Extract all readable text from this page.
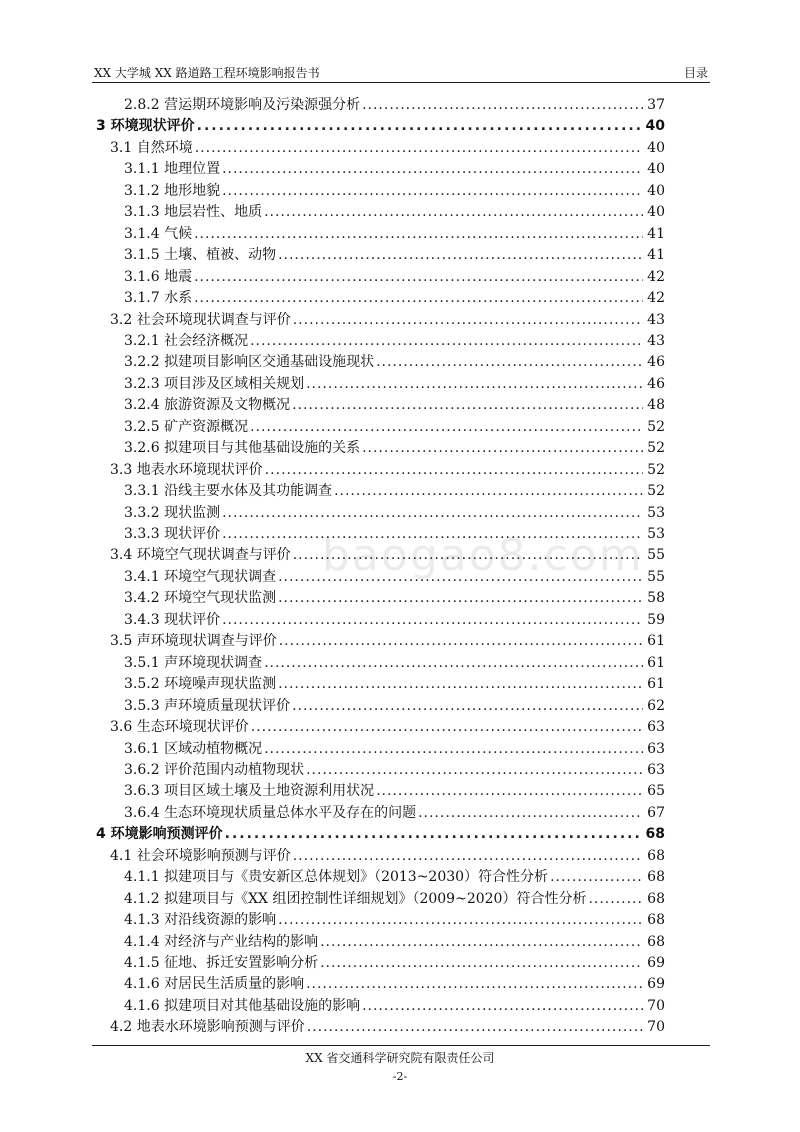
XX 大学城 XX 路道路工程环境影响报告书	目录
baogao8.com
2.8.2 营运期环境影响及污染源强分析 .....	37
3 环境现状评价 .....	40
3.1 自然环境 .....	40
3.1.1 地理位置 .....	40
3.1.2 地形地貌 .....	40
3.1.3 地层岩性、地质 .....	40
3.1.4 气候 .....	41
3.1.5 土壤、植被、动物 .....	41
3.1.6 地震 .....	42
3.1.7 水系 .....	42
3.2 社会环境现状调查与评价 .....	43
3.2.1 社会经济概况 .....	43
3.2.2 拟建项目影响区交通基础设施现状 .....	46
3.2.3 项目涉及区域相关规划 .....	46
3.2.4 旅游资源及文物概况 .....	48
3.2.5 矿产资源概况 .....	52
3.2.6 拟建项目与其他基础设施的关系 .....	52
3.3 地表水环境现状评价 .....	52
3.3.1 沿线主要水体及其功能调查 .....	52
3.3.2 现状监测 .....	53
3.3.3 现状评价 .....	53
3.4 环境空气现状调查与评价 .....	55
3.4.1 环境空气现状调查 .....	55
3.4.2 环境空气现状监测 .....	58
3.4.3 现状评价 .....	59
3.5 声环境现状调查与评价 .....	61
3.5.1 声环境现状调查 .....	61
3.5.2 环境噪声现状监测 .....	61
3.5.3 声环境质量现状评价 .....	62
3.6 生态环境现状评价 .....	63
3.6.1 区域动植物概况 .....	63
3.6.2 评价范围内动植物现状 .....	63
3.6.3 项目区域土壤及土地资源利用状况 .....	65
3.6.4 生态环境现状质量总体水平及存在的问题 .....	67
4 环境影响预测评价 .....	68
4.1 社会环境影响预测与评价 .....	68
4.1.1 拟建项目与《贵安新区总体规划》（2013~2030）符合性分析 .....	68
4.1.2 拟建项目与《XX 组团控制性详细规划》（2009~2020）符合性分析 .....	68
4.1.3 对沿线资源的影响 .....	68
4.1.4 对经济与产业结构的影响 .....	68
4.1.5 征地、拆迁安置影响分析 .....	69
4.1.6 对居民生活质量的影响 .....	69
4.1.6 拟建项目对其他基础设施的影响 .....	70
4.2 地表水环境影响预测与评价 .....	70
XX 省交通科学研究院有限责任公司
-2-
